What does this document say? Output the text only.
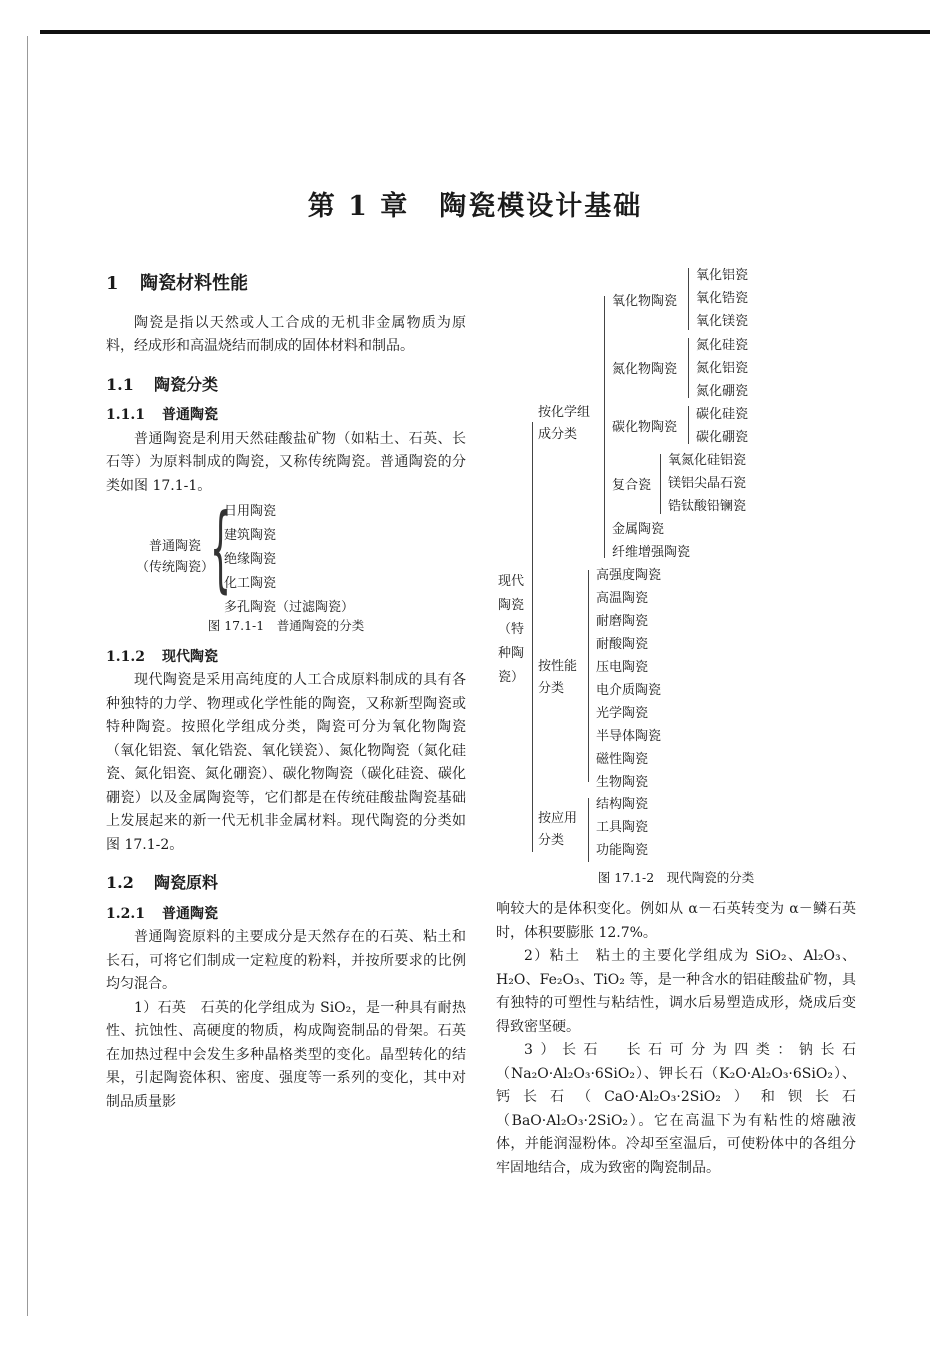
第 1 章 陶瓷模设计基础
1 陶瓷材料性能

陶瓷是指以天然或人工合成的无机非金属物质为原料，经成形和高温烧结而制成的固体材料和制品。

1.1 陶瓷分类
1.1.1 普通陶瓷

普通陶瓷是利用天然硅酸盐矿物（如粘土、石英、长石等）为原料制成的陶瓷，又称传统陶瓷。普通陶瓷的分类如图 17.1-1。

普通陶瓷
（传统陶瓷）
{
日用陶瓷
建筑陶瓷
绝缘陶瓷
化工陶瓷
多孔陶瓷（过滤陶瓷）
图 17.1-1　普通陶瓷的分类
1.1.2 现代陶瓷

现代陶瓷是采用高纯度的人工合成原料制成的具有各种独特的力学、物理或化学性能的陶瓷，又称新型陶瓷或特种陶瓷。按照化学组成分类，陶瓷可分为氧化物陶瓷（氧化铝瓷、氧化锆瓷、氧化镁瓷）、氮化物陶瓷（氮化硅瓷、氮化铝瓷、氮化硼瓷）、碳化物陶瓷（碳化硅瓷、碳化硼瓷）以及金属陶瓷等，它们都是在传统硅酸盐陶瓷基础上发展起来的新一代无机非金属材料。现代陶瓷的分类如图 17.1-2。

1.2 陶瓷原料
1.2.1 普通陶瓷

普通陶瓷原料的主要成分是天然存在的石英、粘土和长石，可将它们制成一定粒度的粉料，并按所要求的比例均匀混合。

1）石英　 石英的化学组成为 SiO₂，是一种具有耐热性、抗蚀性、高硬度的物质，构成陶瓷制品的骨架。石英在加热过程中会发生多种晶格类型的变化。晶型转化的结果，引起陶瓷体积、密度、强度等一系列的变化，其中对制品质量影

现代
陶瓷
（特
种陶
瓷）
按化学组
成分类
氧化物陶瓷
氧化铝瓷
氧化锆瓷
氧化镁瓷
氮化物陶瓷
氮化硅瓷
氮化铝瓷
氮化硼瓷
碳化物陶瓷
碳化硅瓷
碳化硼瓷
复合瓷
氧氮化硅铝瓷
镁铝尖晶石瓷
锆钛酸铅镧瓷
金属陶瓷
纤维增强陶瓷
按性能
分类
高强度陶瓷
高温陶瓷
耐磨陶瓷
耐酸陶瓷
压电陶瓷
电介质陶瓷
光学陶瓷
半导体陶瓷
磁性陶瓷
生物陶瓷
按应用
分类
结构陶瓷
工具陶瓷
功能陶瓷
图 17.1-2　现代陶瓷的分类

响较大的是体积变化。例如从 α－石英转变为 α－鳞石英时，体积要膨胀 12.7%。

2）粘土　 粘土的主要化学组成为 SiO₂、Al₂O₃、H₂O、Fe₂O₃、TiO₂ 等，是一种含水的铝硅酸盐矿物，具有独特的可塑性与粘结性，调水后易塑造成形，烧成后变得致密坚硬。

3）长石　 长石可分为四类：钠长石（Na₂O·Al₂O₃·6SiO₂）、钾长石（K₂O·Al₂O₃·6SiO₂）、钙长石（CaO·Al₂O₃·2SiO₂）和钡长石（BaO·Al₂O₃·2SiO₂）。它在高温下为有粘性的熔融液体，并能润湿粉体。冷却至室温后，可使粉体中的各组分牢固地结合，成为致密的陶瓷制品。
